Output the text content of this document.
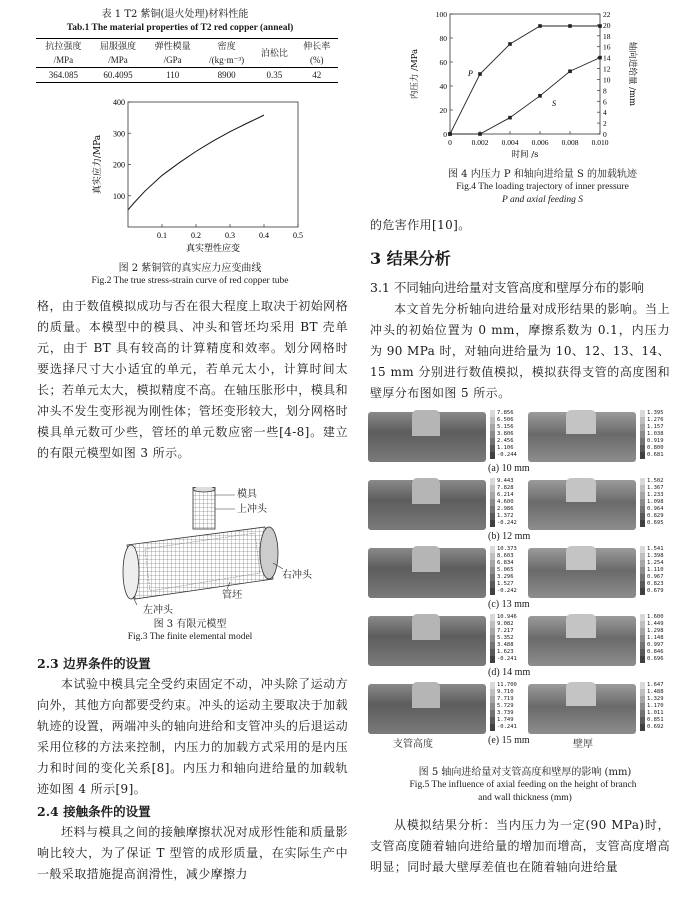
表 1 T2 紫铜(退火处理)材料性能
Tab.1 The material properties of T2 red copper (anneal)
抗拉强度	屈服强度	弹性模量	密度	泊松比	伸长率
/MPa	/MPa	/GPa	/(kg·m⁻³)		(%)
364.085	60.4095	110	8900	0.35	42
0.1	0.2	0.3	0.4	0.5
100
200
300
400
真实塑性应变
真实应力/MPa
图 2 紫铜管的真实应力应变曲线
Fig.2 The true stress-strain curve of red copper tube
格，由于数值模拟成功与否在很大程度上取决于初始网格的质量。本模型中的模具、冲头和管坯均采用 BT 壳单元，由于 BT 具有较高的计算精度和效率。划分网格时要选择尺寸大小适宜的单元，若单元太小，计算时间太长；若单元太大，模拟精度不高。在轴压胀形中，模具和冲头不发生变形视为刚性体；管坯变形较大，划分网格时模具单元数可少些，管坯的单元数应密一些[4-8]。建立的有限元模型如图 3 所示。
模具
上冲头
右冲头
管坯
左冲头
图 3 有限元模型
Fig.3 The finite elemental model
2.3 边界条件的设置
本试验中模具完全受约束固定不动，冲头除了运动方向外，其他方向都要受约束。冲头的运动主要取决于加载轨迹的设置，两端冲头的轴向进给和支管冲头的后退运动采用位移的方法来控制，内压力的加载方式采用的是内压力和时间的变化关系[8]。内压力和轴向进给量的加载轨迹如图 4 所示[9]。
2.4 接触条件的设置
坯料与模具之间的接触摩擦状况对成形性能和质量影响比较大，为了保证 T 型管的成形质量，在实际生产中一般采取措施提高润滑性，减少摩擦力
0	0.002 0.004 0.006 0.008 0.010
0
20
40
60
80
100
0
2
4
6
8
10
12
14
16
18
20
22
P
S
时间 /s
内压力 /MPa	轴向进给量 /mm
图 4 内压力 P 和轴向进给量 S 的加载轨迹
Fig.4 The loading trajectory of inner pressure
P and axial feeding S
的危害作用[10]。
3 结果分析
3.1 不同轴向进给量对支管高度和壁厚分布的影响
本文首先分析轴向进给量对成形结果的影响。当上冲头的初始位置为 0 mm，摩擦系数为 0.1，内压力为 90 MPa 时，对轴向进给量为 10、12、13、14、15 mm 分别进行数值模拟，模拟获得支管的高度图和壁厚分布图如图 5 所示。
7.856
6.506
5.156
3.806
2.456
1.106
-0.244
1.395
1.276
1.157
1.038
0.919
0.800
0.681
(a) 10 mm
9.443
7.828
6.214
4.600
2.986
1.372
-0.242
1.502
1.367
1.233
1.098
0.964
0.829
0.695
(b) 12 mm
10.373
8.603
6.834
5.065
3.296
1.527
-0.242
1.541
1.398
1.254
1.110
0.967
0.823
0.679
(c) 13 mm
10.946
9.082
7.217
5.352
3.488
1.623
-0.241
1.600
1.449
1.298
1.148
0.997
0.846
0.696
(d) 14 mm
11.700
9.710
7.719
5.729
3.739
1.749
-0.241
1.647
1.488
1.329
1.170
1.011
0.851
0.692
(e) 15 mm
支管高度	壁厚
图 5 轴向进给量对支管高度和壁厚的影响 (mm)
Fig.5 The influence of axial feeding on the height of branch
and wall thickness (mm)
从模拟结果分析：当内压力为一定(90 MPa)时，支管高度随着轴向进给量的增加而增高，支管高度增高明显；同时最大壁厚差值也在随着轴向进给量
